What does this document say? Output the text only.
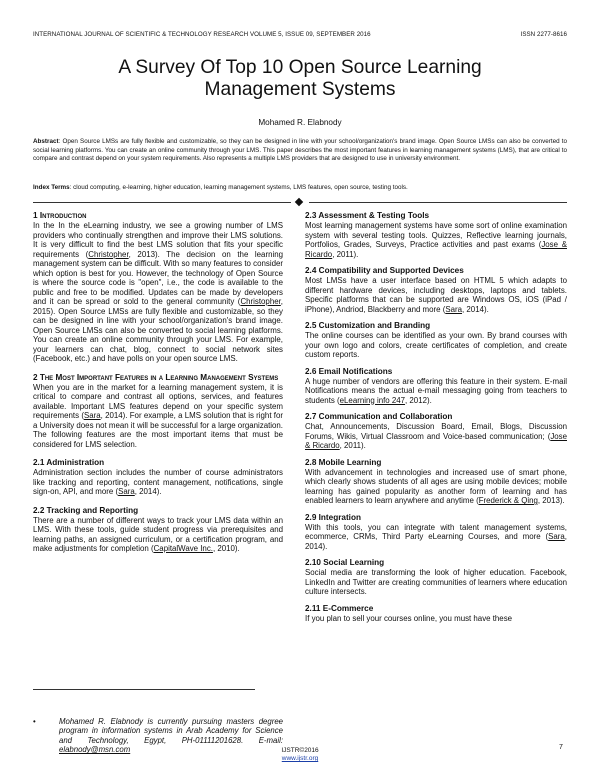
INTERNATIONAL JOURNAL OF SCIENTIFIC & TECHNOLOGY RESEARCH VOLUME 5, ISSUE 09, SEPTEMBER 2016	ISSN 2277-8616
A Survey Of Top 10 Open Source Learning
Management Systems
Mohamed R. Elabnody
Abstract: Open Source LMSs are fully flexible and customizable, so they can be designed in line with your school/organization's brand image. Open Source LMSs can also be converted to social learning platforms. You can create an online community through your LMS. This paper describes the most important features in learning management systems (LMS), that are critical to compare and contrast depend on your system requirements. Also represents a multiple LMS providers that are designed to use in university environment.
Index Terms: cloud computing, e-learning, higher education, learning management systems, LMS features, open source, testing tools.
1 Introduction

In the In the eLearning industry, we see a growing number of LMS providers who continually strengthen and improve their LMS solutions. It is very difficult to find the best LMS solution that fits your specific requirements (Christopher, 2013). The decision on the learning management system can be difficult. With so many features to consider which option is best for you. However, the technology of Open Source is where the source code is "open", i.e., the code is available to the public and free to be modified. Updates can be made by developers and it can be spread or sold to the general community (Christopher, 2015). Open Source LMSs are fully flexible and customizable, so they can be designed in line with your school/organization's brand image. Open Source LMSs can also be converted to social learning platforms. You can create an online community through your LMS. For example, your learners can chat, blog, connect to social network sites (Facebook, etc.) and have polls on your open source LMS.

2 The Most Important Features in a Learning Management Systems

When you are in the market for a learning management system, it is critical to compare and contrast all options, services, and features available. Important LMS features depend on your specific system requirements (Sara, 2014). For example, a LMS solution that is right for a University does not mean it will be successful for a large organization. The following features are the most important items that must be considered for LMS selection.

2.1 Administration

Administration section includes the number of course administrators like tracking and reporting, content management, notifications, single sign-on, API, and more (Sara, 2014).

2.2 Tracking and Reporting

There are a number of different ways to track your LMS data within an LMS. With these tools, guide student progress via prerequisites and learning paths, an assigned curriculum, or a certification program, and make adjustments for completion (CapitalWave Inc., 2010).

•	Mohamed R. Elabnody is currently pursuing masters degree program in information systems in Arab Academy for Science and Technology, Egypt, PH-01111201628. E-mail: elabnody@msn.com
2.3 Assessment & Testing Tools

Most learning management systems have some sort of online examination system with several testing tools. Quizzes, Reflective learning journals, Portfolios, Grades, Surveys, Practice activities and past exams (Jose & Ricardo, 2011).

2.4 Compatibility and Supported Devices

Most LMSs have a user interface based on HTML 5 which adapts to different hardware devices, including desktops, laptops and tablets. Specific platforms that can be supported are Windows OS, iOS (iPad / iPhone), Andriod, Blackberry and more (Sara, 2014).

2.5 Customization and Branding

The online courses can be identified as your own. By brand courses with your own logo and colors, create certificates of completion, and create custom reports.

2.6 Email Notifications

A huge number of vendors are offering this feature in their system. E-mail Notifications means the actual e-mail messaging going from teachers to students (eLearning info 247, 2012).

2.7 Communication and Collaboration

Chat, Announcements, Discussion Board, Email, Blogs, Discussion Forums, Wikis, Virtual Classroom and Voice-based communication; (Jose & Ricardo, 2011).

2.8 Mobile Learning

With advancement in technologies and increased use of smart phone, which clearly shows students of all ages are using mobile devices; mobile learning has gained popularity as another form of learning and has enabled learners to learn anywhere and anytime (Frederick & Qing, 2013).

2.9 Integration

With this tools, you can integrate with talent management systems, ecommerce, CRMs, Third Party eLearning Courses, and more (Sara, 2014).

2.10 Social Learning

Social media are transforming the look of higher education. Facebook, LinkedIn and Twitter are creating communities of learners where education culture intersects.

2.11 E-Commerce

If you plan to sell your courses online, you must have these

7
IJSTR©2016
www.ijstr.org
